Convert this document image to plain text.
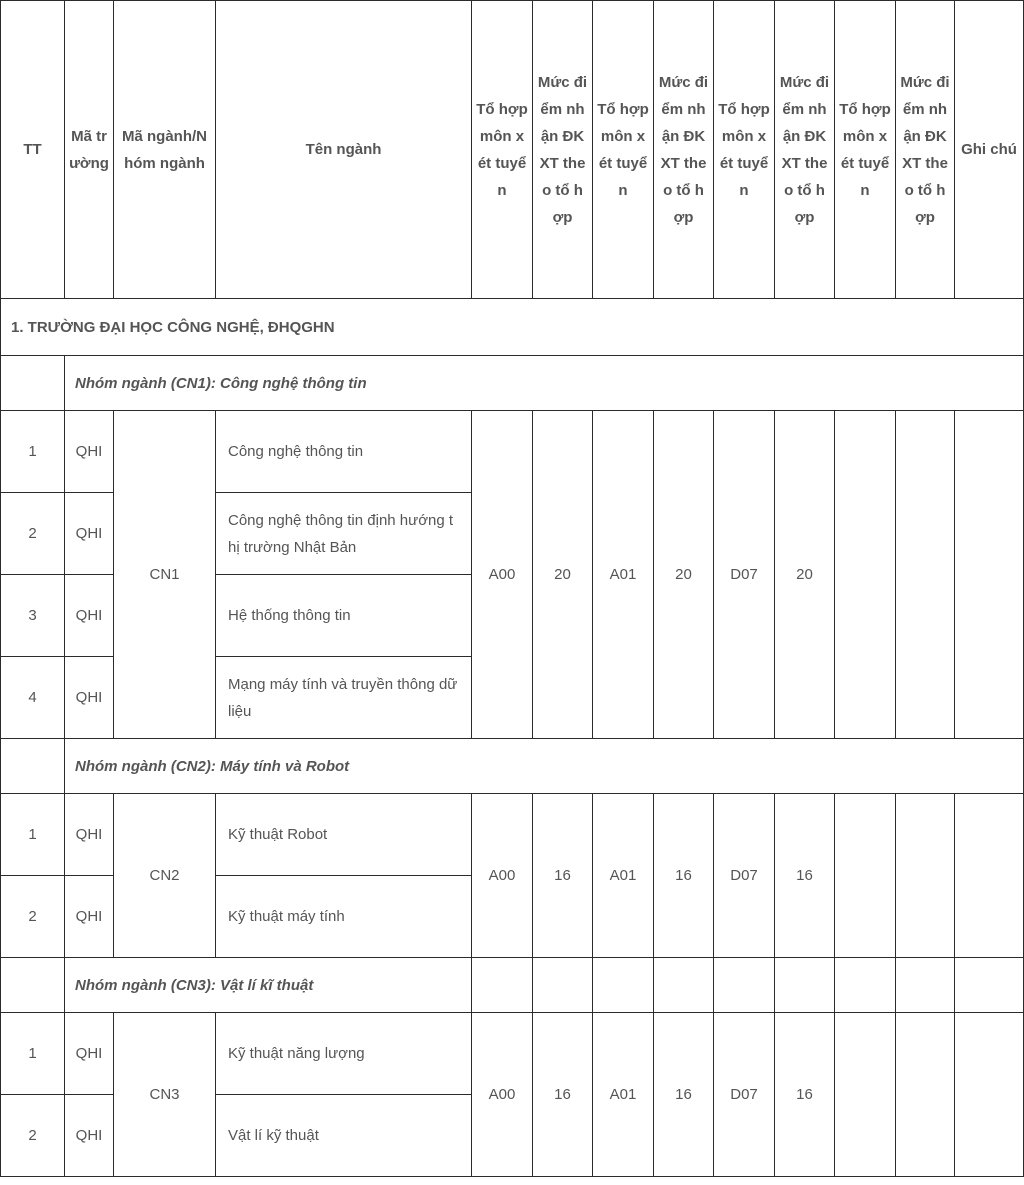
TT	Mã trường	Mã ngành/Nhóm ngành	Tên ngành	Tổ hợp môn xét tuyển	Mức điểm nhận ĐKXT theo tổ hợp	Tổ hợp môn xét tuyển	Mức điểm nhận ĐKXT theo tổ hợp	Tổ hợp môn xét tuyển	Mức điểm nhận ĐKXT theo tổ hợp	Tổ hợp môn xét tuyển	Mức điểm nhận ĐKXT theo tổ hợp	Ghi chú
1. TRƯỜNG ĐẠI HỌC CÔNG NGHỆ, ĐHQGHN												
	Nhóm ngành (CN1): Công nghệ thông tin											
1	QHI	CN1	Công nghệ thông tin	A00	20	A01	20	D07	20			
2	QHI		Công nghệ thông tin định hướng thị trường Nhật Bản									
3	QHI		Hệ thống thông tin									
4	QHI		Mạng máy tính và truyền thông dữ liệu									
	Nhóm ngành (CN2): Máy tính và Robot											
1	QHI	CN2	Kỹ thuật Robot	A00	16	A01	16	D07	16			
2	QHI		Kỹ thuật máy tính									
	Nhóm ngành (CN3): Vật lí kĩ thuật											
1	QHI	CN3	Kỹ thuật năng lượng	A00	16	A01	16	D07	16			
2	QHI		Vật lí kỹ thuật									
